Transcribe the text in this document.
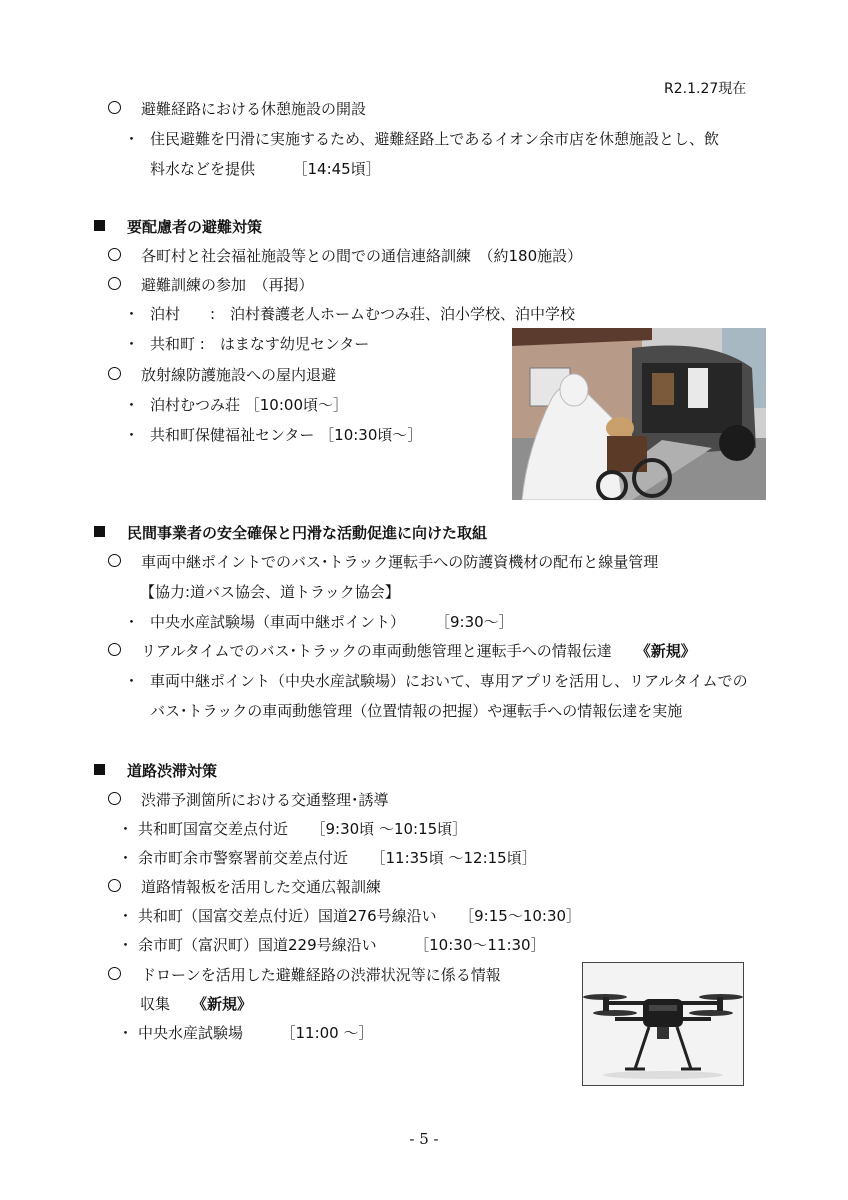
R2.1.27現在
避難経路における休憩施設の開設
・ 住民避難を円滑に実施するため、避難経路上であるイオン余市店を休憩施設とし、飲
料水などを提供　　　［14:45頃］
要配慮者の避難対策
各町村と社会福祉施設等との間での通信連絡訓練　（約180施設）
避難訓練の参加　（再掲）
・ 泊村　　:　泊村養護老人ホームむつみ荘、泊小学校、泊中学校
・ 共和町 :　はまなす幼児センター
放射線防護施設への屋内退避
・ 泊村むつみ荘 ［10:00頃～］
・ 共和町保健福祉センター ［10:30頃～］
民間事業者の安全確保と円滑な活動促進に向けた取組
車両中継ポイントでのバス･トラック運転手への防護資機材の配布と線量管理
【協力:道バス協会、道トラック協会】
・ 中央水産試験場（車両中継ポイント）　　　［9:30～］
リアルタイムでのバス･トラックの車両動態管理と運転手への情報伝達 《新規》
・ 車両中継ポイント（中央水産試験場）において、専用アプリを活用し、リアルタイムでの
バス･トラックの車両動態管理（位置情報の把握）や運転手への情報伝達を実施
道路渋滞対策
渋滞予測箇所における交通整理･誘導
・ 共和町国富交差点付近　　［9:30頃 ～10:15頃］
・ 余市町余市警察署前交差点付近　　［11:35頃 ～12:15頃］
道路情報板を活用した交通広報訓練
・ 共和町（国富交差点付近）国道276号線沿い　　［9:15～10:30］
・ 余市町（富沢町）国道229号線沿い　　　［10:30～11:30］
ドローンを活用した避難経路の渋滞状況等に係る情報
収集 《新規》
・ 中央水産試験場　　　［11:00 ～］
- 5 -
